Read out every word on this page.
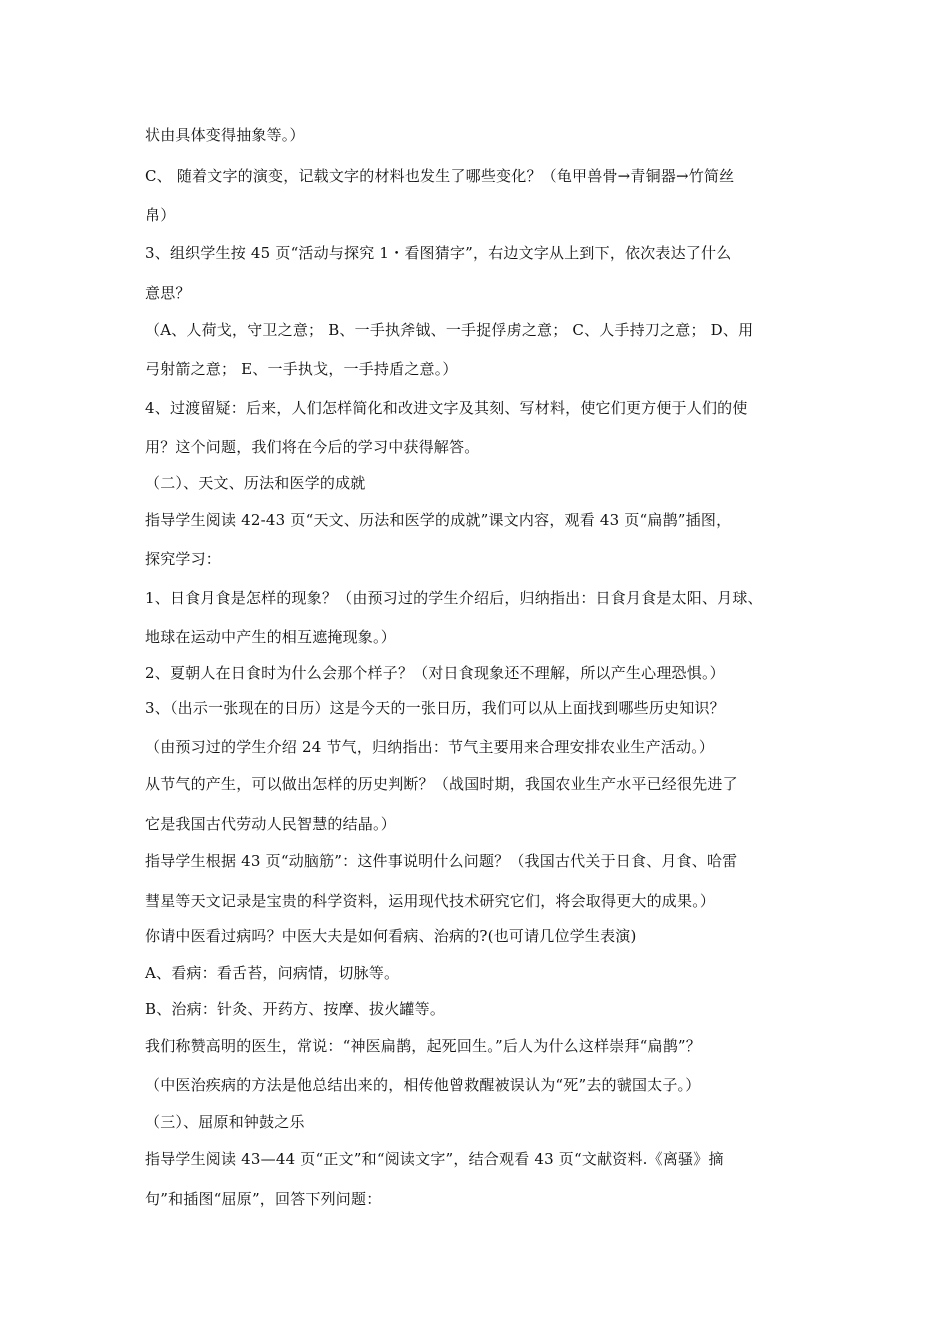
状由具体变得抽象等。）
C、 随着文字的演变，记载文字的材料也发生了哪些变化？（龟甲兽骨→青铜器→竹简丝
帛）
3、组织学生按 45 页“活动与探究 1・看图猜字”，右边文字从上到下，依次表达了什么
意思？
（A、人荷戈，守卫之意； B、一手执斧钺、一手捉俘虏之意； C、人手持刀之意； D、用
弓射箭之意； E、一手执戈，一手持盾之意。）
4、过渡留疑：后来，人们怎样简化和改进文字及其刻、写材料，使它们更方便于人们的使
用？这个问题，我们将在今后的学习中获得解答。
（二）、天文、历法和医学的成就
指导学生阅读 42-43 页“天文、历法和医学的成就”课文内容，观看 43 页“扁鹊”插图，
探究学习：
1、日食月食是怎样的现象？（由预习过的学生介绍后，归纳指出：日食月食是太阳、月球、
地球在运动中产生的相互遮掩现象。）
2、夏朝人在日食时为什么会那个样子？（对日食现象还不理解，所以产生心理恐惧。）
3、（出示一张现在的日历）这是今天的一张日历，我们可以从上面找到哪些历史知识？
（由预习过的学生介绍 24 节气，归纳指出：节气主要用来合理安排农业生产活动。）
从节气的产生，可以做出怎样的历史判断？（战国时期，我国农业生产水平已经很先进了
它是我国古代劳动人民智慧的结晶。）
指导学生根据 43 页“动脑筋”：这件事说明什么问题？（我国古代关于日食、月食、哈雷
彗星等天文记录是宝贵的科学资料，运用现代技术研究它们，将会取得更大的成果。）
你请中医看过病吗？中医大夫是如何看病、治病的?(也可请几位学生表演)
A、看病：看舌苔，问病情，切脉等。
B、治病：针灸、开药方、按摩、拔火罐等。
我们称赞高明的医生，常说：“神医扁鹊，起死回生。”后人为什么这样崇拜“扁鹊”？
（中医治疾病的方法是他总结出来的，相传他曾救醒被误认为“死”去的虢国太子。）
（三）、屈原和钟鼓之乐
指导学生阅读 43—44 页“正文”和“阅读文字”，结合观看 43 页“文献资料.《离骚》摘
句”和插图“屈原”，回答下列问题：
